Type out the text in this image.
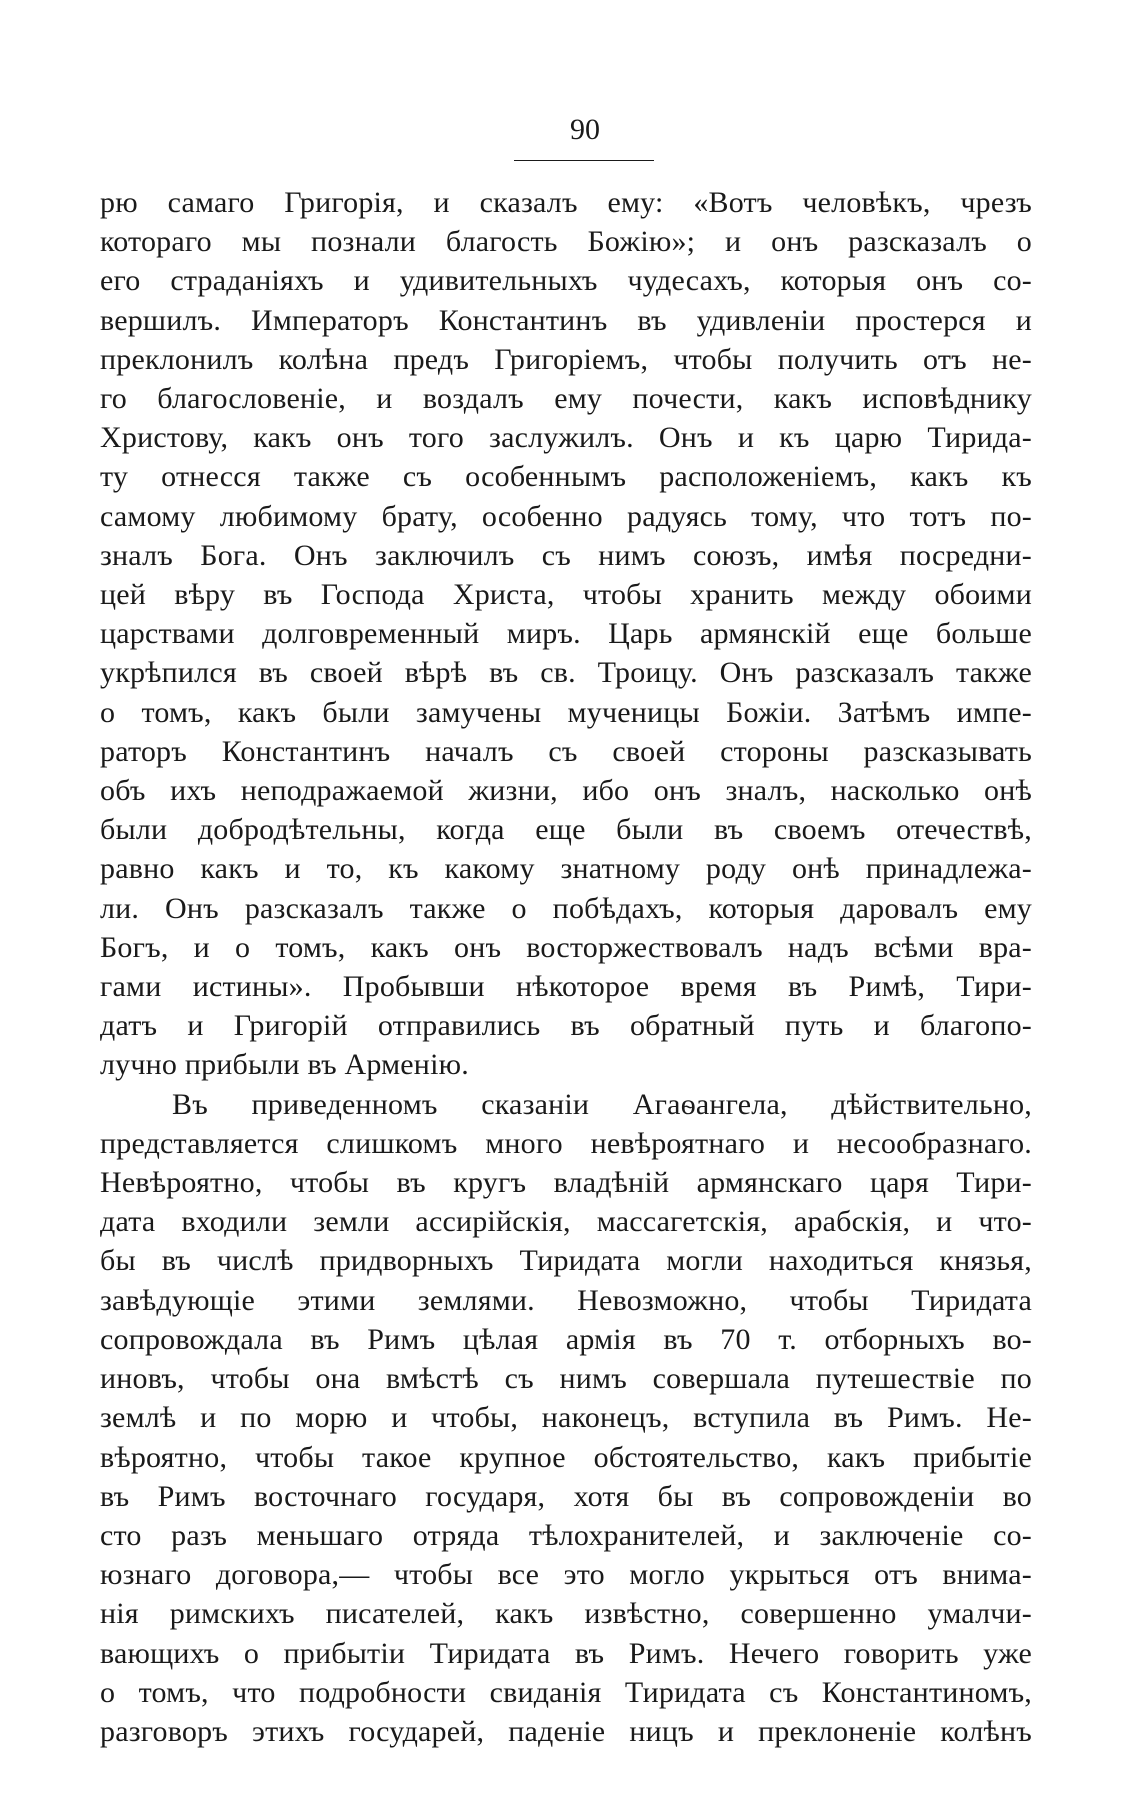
90
рю самаго Григорія, и сказалъ ему: «Вотъ человѣкъ, чрезъ
котораго мы познали благость Божію»; и онъ разсказалъ о
его страданіяхъ и удивительныхъ чудесахъ, которыя онъ со-
вершилъ. Императоръ Константинъ въ удивленіи простерся и
преклонилъ колѣна предъ Григоріемъ, чтобы получить отъ не-
го благословеніе, и воздалъ ему почести, какъ исповѣднику
Христову, какъ онъ того заслужилъ. Онъ и къ царю Тирида-
ту отнесся также съ особеннымъ расположеніемъ, какъ къ
самому любимому брату, особенно радуясь тому, что тотъ по-
зналъ Бога. Онъ заключилъ съ нимъ союзъ, имѣя посредни-
цей вѣру въ Господа Христа, чтобы хранить между обоими
царствами долговременный миръ. Царь армянскій еще больше
укрѣпился въ своей вѣрѣ въ св. Троицу. Онъ разсказалъ также
о томъ, какъ были замучены мученицы Божіи. Затѣмъ импе-
раторъ Константинъ началъ съ своей стороны разсказывать
объ ихъ неподражаемой жизни, ибо онъ зналъ, насколько онѣ
были добродѣтельны, когда еще были въ своемъ отечествѣ,
равно какъ и то, къ какому знатному роду онѣ принадлежа-
ли. Онъ разсказалъ также о побѣдахъ, которыя даровалъ ему
Богъ, и о томъ, какъ онъ восторжествовалъ надъ всѣми вра-
гами истины». Пробывши нѣкоторое время въ Римѣ, Тири-
датъ и Григорій отправились въ обратный путь и благопо-
лучно прибыли въ Арменію.
Въ приведенномъ сказаніи Агаѳангела, дѣйствительно,
представляется слишкомъ много невѣроятнаго и несообразнаго.
Невѣроятно, чтобы въ кругъ владѣній армянскаго царя Тири-
дата входили земли ассирійскія, массагетскія, арабскія, и что-
бы въ числѣ придворныхъ Тиридата могли находиться князья,
завѣдующіе этими землями. Невозможно, чтобы Тиридата
сопровождала въ Римъ цѣлая армія въ 70 т. отборныхъ во-
иновъ, чтобы она вмѣстѣ съ нимъ совершала путешествіе по
землѣ и по морю и чтобы, наконецъ, вступила въ Римъ. Не-
вѣроятно, чтобы такое крупное обстоятельство, какъ прибытіе
въ Римъ восточнаго государя, хотя бы въ сопровожденіи во
сто разъ меньшаго отряда тѣлохранителей, и заключеніе со-
юзнаго договора,— чтобы все это могло укрыться отъ внима-
нія римскихъ писателей, какъ извѣстно, совершенно умалчи-
вающихъ о прибытіи Тиридата въ Римъ. Нечего говорить уже
о томъ, что подробности свиданія Тиридата съ Константиномъ,
разговоръ этихъ государей, паденіе ницъ и преклоненіе колѣнъ
